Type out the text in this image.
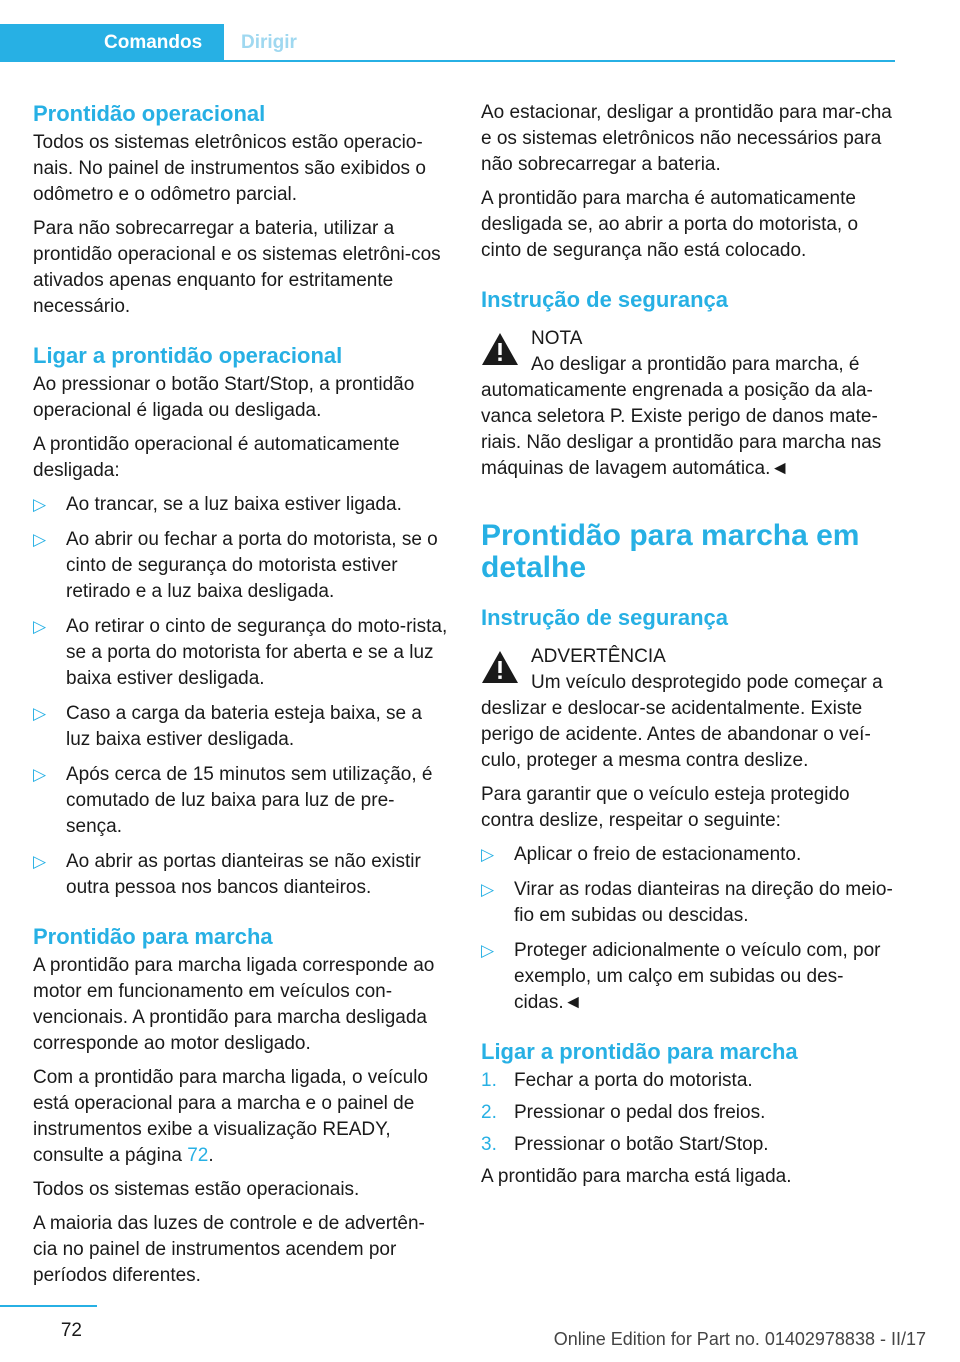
Comandos	Dirigir
Prontidão operacional

Todos os sistemas eletrônicos estão operacio-nais. No painel de instrumentos são exibidos o odômetro e o odômetro parcial.

Para não sobrecarregar a bateria, utilizar a prontidão operacional e os sistemas eletrôni-cos ativados apenas enquanto for estritamente necessário.

Ligar a prontidão operacional

Ao pressionar o botão Start/Stop, a prontidão operacional é ligada ou desligada.

A prontidão operacional é automaticamente desligada:

▷ Ao trancar, se a luz baixa estiver ligada.
▷ Ao abrir ou fechar a porta do motorista, se o cinto de segurança do motorista estiver retirado e a luz baixa desligada.
▷ Ao retirar o cinto de segurança do moto-rista, se a porta do motorista for aberta e se a luz baixa estiver desligada.
▷ Caso a carga da bateria esteja baixa, se a luz baixa estiver desligada.
▷ Após cerca de 15 minutos sem utilização, é comutado de luz baixa para luz de pre-sença.
▷ Ao abrir as portas dianteiras se não existir outra pessoa nos bancos dianteiros.
Prontidão para marcha

A prontidão para marcha ligada corresponde ao motor em funcionamento em veículos con-vencionais. A prontidão para marcha desligada corresponde ao motor desligado.

Com a prontidão para marcha ligada, o veículo está operacional para a marcha e o painel de instrumentos exibe a visualização READY, consulte a página 72.

Todos os sistemas estão operacionais.

A maioria das luzes de controle e de advertên-cia no painel de instrumentos acendem por períodos diferentes.

Ao estacionar, desligar a prontidão para mar-cha e os sistemas eletrônicos não necessários para não sobrecarregar a bateria.

A prontidão para marcha é automaticamente desligada se, ao abrir a porta do motorista, o cinto de segurança não está colocado.

Instrução de segurança
NOTA

Ao desligar a prontidão para marcha, é automaticamente engrenada a posição da ala-vanca seletora P. Existe perigo de danos mate-riais. Não desligar a prontidão para marcha nas máquinas de lavagem automática.◄

Prontidão para marcha em detalhe
Instrução de segurança
ADVERTÊNCIA

Um veículo desprotegido pode começar a deslizar e deslocar-se acidentalmente. Existe perigo de acidente. Antes de abandonar o veí-culo, proteger a mesma contra deslize.

Para garantir que o veículo esteja protegido contra deslize, respeitar o seguinte:

▷ Aplicar o freio de estacionamento.
▷ Virar as rodas dianteiras na direção do meio-fio em subidas ou descidas.
▷ Proteger adicionalmente o veículo com, por exemplo, um calço em subidas ou des-cidas.◄
Ligar a prontidão para marcha
1. Fechar a porta do motorista.
2. Pressionar o pedal dos freios.
3. Pressionar o botão Start/Stop.

A prontidão para marcha está ligada.

72	Online Edition for Part no. 01402978838 - II/17
